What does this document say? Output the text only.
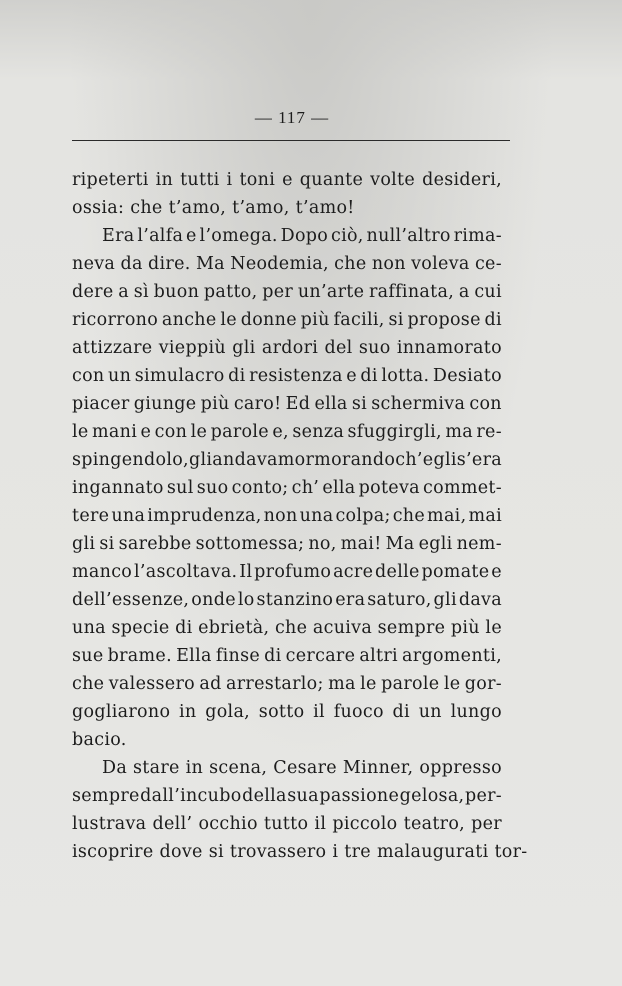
— 117 —
ripeterti in tutti i toni e quante volte desideri,
ossia: che t’amo, t’amo, t’amo!
Era l’alfa e l’omega. Dopo ciò, null’altro rima-
neva da dire. Ma Neodemia, che non voleva ce-
dere a sì buon patto, per un’arte raffinata, a cui
ricorrono anche le donne più facili, si propose di
attizzare vieppiù gli ardori del suo innamorato
con un simulacro di resistenza e di lotta. Desiato
piacer giunge più caro! Ed ella si schermiva con
le mani e con le parole e, senza sfuggirgli, ma re-
spingendolo, gli andava mormorando ch’egli s’era
ingannato sul suo conto; ch’ ella poteva commet-
tere una imprudenza, non una colpa; che mai, mai
gli si sarebbe sottomessa; no, mai! Ma egli nem-
manco l’ascoltava. Il profumo acre delle pomate e
dell’essenze, onde lo stanzino era saturo, gli dava
una specie di ebrietà, che acuiva sempre più le
sue brame. Ella finse di cercare altri argomenti,
che valessero ad arrestarlo; ma le parole le gor-
gogliarono in gola, sotto il fuoco di un lungo
bacio.
Da stare in scena, Cesare Minner, oppresso
sempre dall’incubo della sua passione gelosa, per-
lustrava dell’ occhio tutto il piccolo teatro, per
iscoprire dove si trovassero i tre malaugurati tor-
